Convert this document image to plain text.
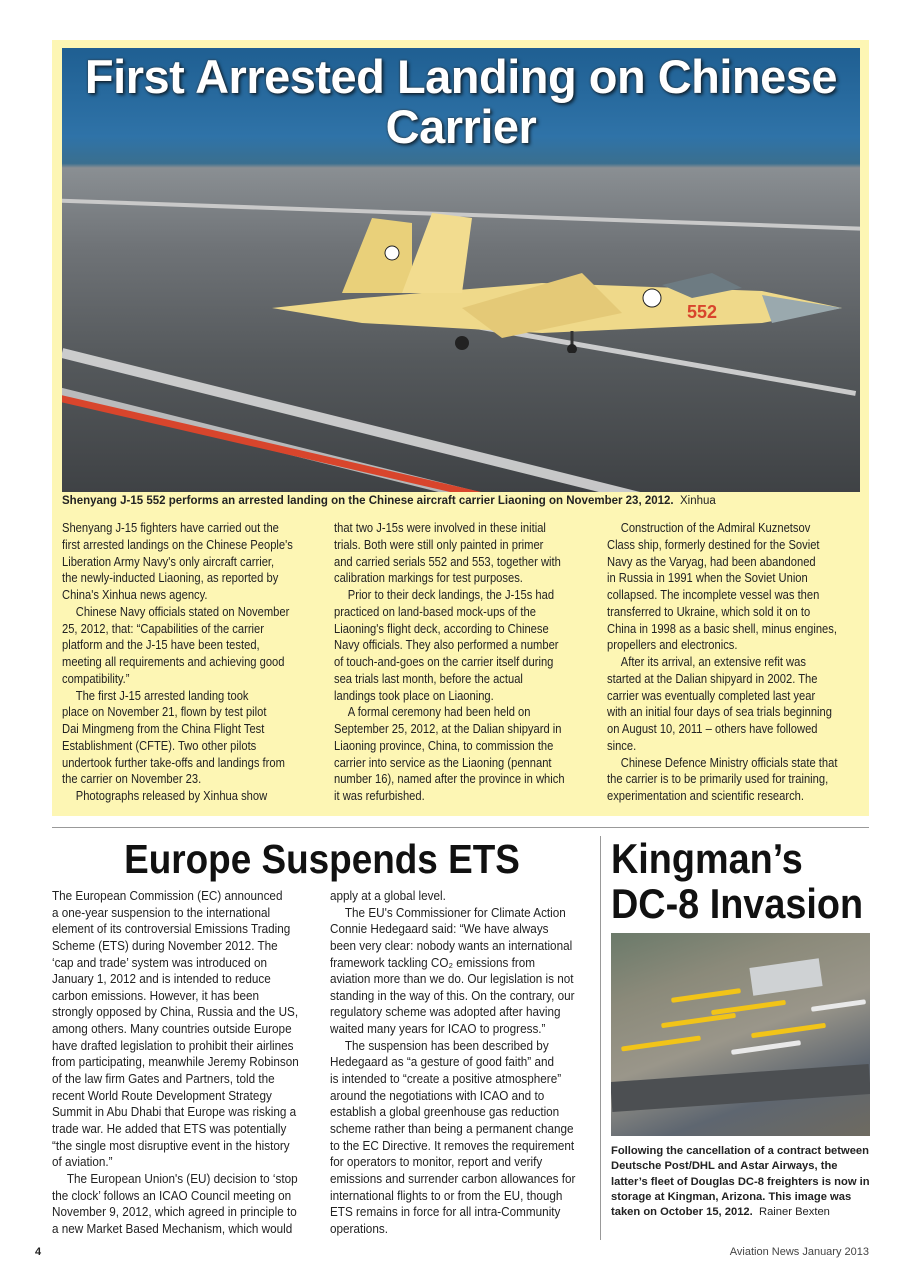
552
First Arrested Landing on Chinese Carrier
Shenyang J-15 552 performs an arrested landing on the Chinese aircraft carrier Liaoning on November 23, 2012. Xinhua
Shenyang J-15 fighters have carried out the
first arrested landings on the Chinese People's
Liberation Army Navy's only aircraft carrier,
the newly-inducted Liaoning, as reported by
China's Xinhua news agency.
Chinese Navy officials stated on November
25, 2012, that: “Capabilities of the carrier
platform and the J-15 have been tested,
meeting all requirements and achieving good
compatibility.”
The first J-15 arrested landing took
place on November 21, flown by test pilot
Dai Mingmeng from the China Flight Test
Establishment (CFTE). Two other pilots
undertook further take-offs and landings from
the carrier on November 23.
Photographs released by Xinhua show
that two J-15s were involved in these initial
trials. Both were still only painted in primer
and carried serials 552 and 553, together with
calibration markings for test purposes.
Prior to their deck landings, the J-15s had
practiced on land-based mock-ups of the
Liaoning's flight deck, according to Chinese
Navy officials. They also performed a number
of touch-and-goes on the carrier itself during
sea trials last month, before the actual
landings took place on Liaoning.
A formal ceremony had been held on
September 25, 2012, at the Dalian shipyard in
Liaoning province, China, to commission the
carrier into service as the Liaoning (pennant
number 16), named after the province in which
it was refurbished.
Construction of the Admiral Kuznetsov
Class ship, formerly destined for the Soviet
Navy as the Varyag, had been abandoned
in Russia in 1991 when the Soviet Union
collapsed. The incomplete vessel was then
transferred to Ukraine, which sold it on to
China in 1998 as a basic shell, minus engines,
propellers and electronics.
After its arrival, an extensive refit was
started at the Dalian shipyard in 2002. The
carrier was eventually completed last year
with an initial four days of sea trials beginning
on August 10, 2011 – others have followed
since.
Chinese Defence Ministry officials state that
the carrier is to be primarily used for training,
experimentation and scientific research.
Europe Suspends ETS
The European Commission (EC) announced
a one-year suspension to the international
element of its controversial Emissions Trading
Scheme (ETS) during November 2012. The
‘cap and trade’ system was introduced on
January 1, 2012 and is intended to reduce
carbon emissions. However, it has been
strongly opposed by China, Russia and the US,
among others. Many countries outside Europe
have drafted legislation to prohibit their airlines
from participating, meanwhile Jeremy Robinson
of the law firm Gates and Partners, told the
recent World Route Development Strategy
Summit in Abu Dhabi that Europe was risking a
trade war. He added that ETS was potentially
“the single most disruptive event in the history
of aviation.”
The European Union's (EU) decision to ‘stop
the clock’ follows an ICAO Council meeting on
November 9, 2012, which agreed in principle to
a new Market Based Mechanism, which would
apply at a global level.
The EU's Commissioner for Climate Action
Connie Hedegaard said: “We have always
been very clear: nobody wants an international
framework tackling CO₂ emissions from
aviation more than we do. Our legislation is not
standing in the way of this. On the contrary, our
regulatory scheme was adopted after having
waited many years for ICAO to progress.”
The suspension has been described by
Hedegaard as “a gesture of good faith” and
is intended to “create a positive atmosphere”
around the negotiations with ICAO and to
establish a global greenhouse gas reduction
scheme rather than being a permanent change
to the EC Directive. It removes the requirement
for operators to monitor, report and verify
emissions and surrender carbon allowances for
international flights to or from the EU, though
ETS remains in force for all intra-Community
operations.
Kingman’s
DC-8 Invasion
Following the cancellation of a contract between Deutsche Post/DHL and Astar Airways, the latter’s fleet of Douglas DC-8 freighters is now in storage at Kingman, Arizona. This image was taken on October 15, 2012. Rainer Bexten
4	Aviation News January 2013
